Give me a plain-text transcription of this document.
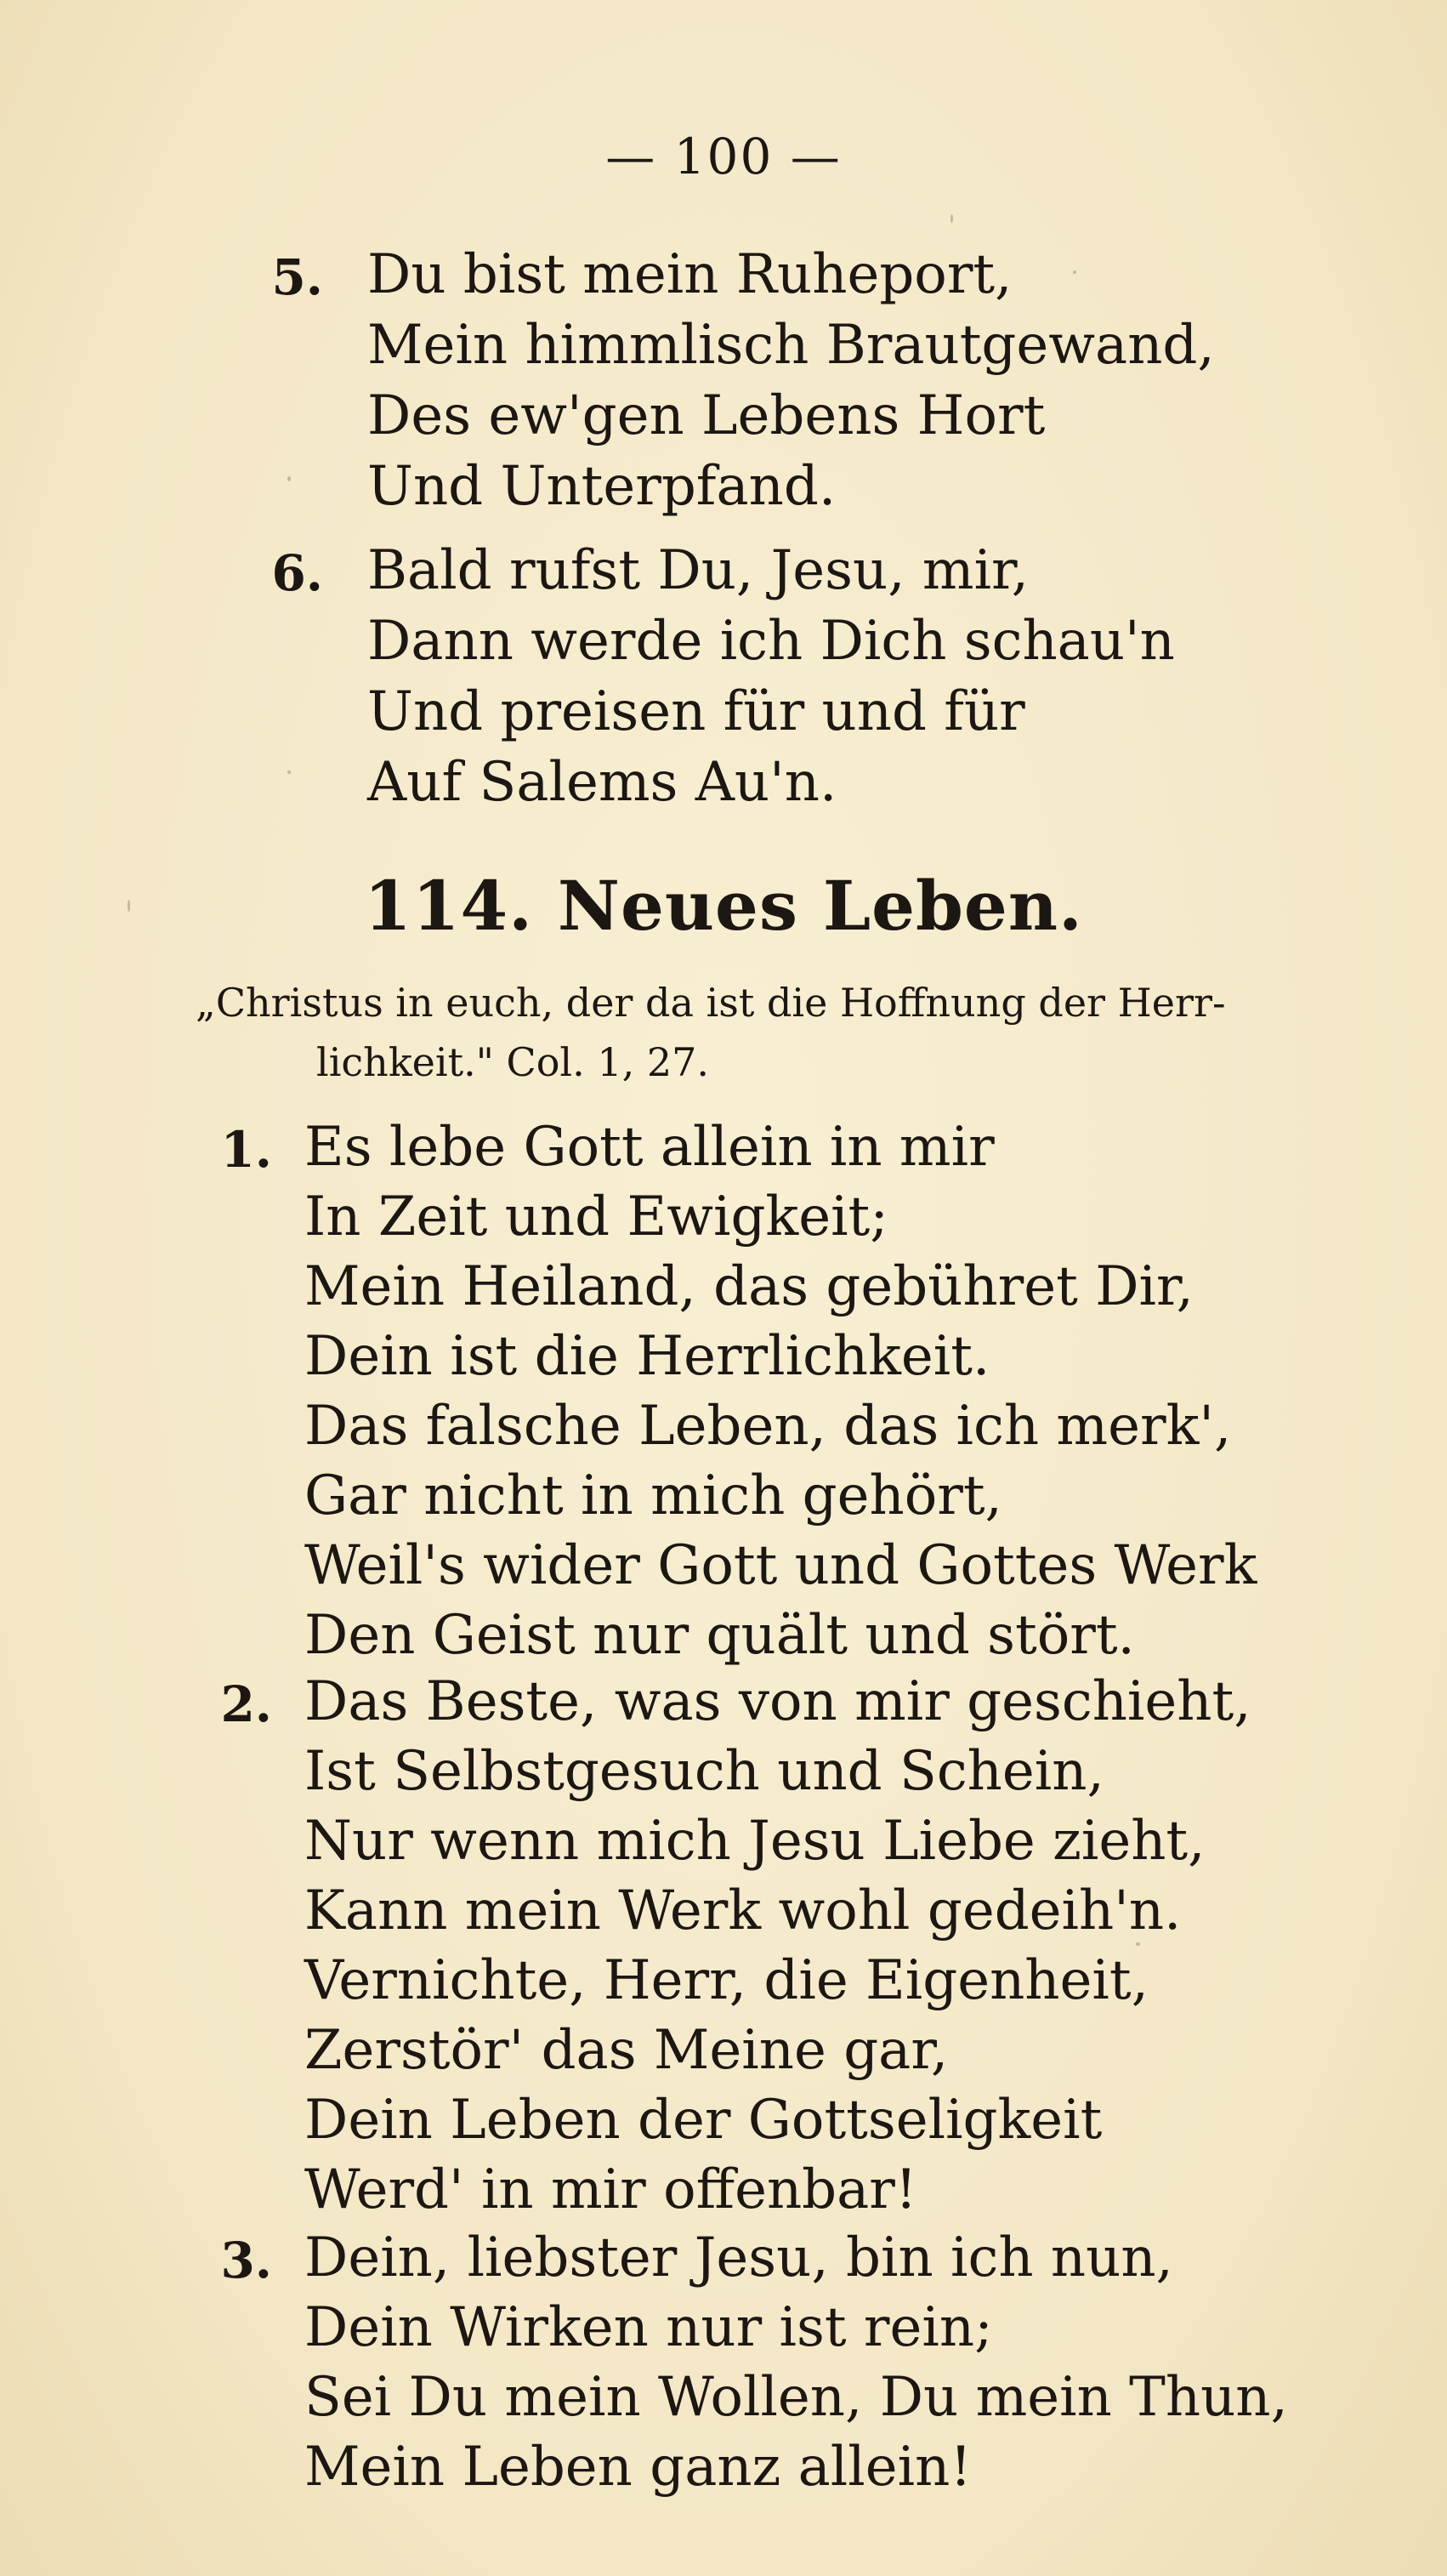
— 100 —
5. Du bist mein Ruheport,
Mein himmlisch Brautgewand,
Des ew'gen Lebens Hort
Und Unterpfand.
6. Bald rufst Du, Jesu, mir,
Dann werde ich Dich schau'n
Und preisen für und für
Auf Salems Au'n.
114. Neues Leben.
„Christus in euch, der da ist die Hoffnung der Herr-
lichkeit." Col. 1, 27.
1. Es lebe Gott allein in mir
In Zeit und Ewigkeit;
Mein Heiland, das gebühret Dir,
Dein ist die Herrlichkeit.
Das falsche Leben, das ich merk',
Gar nicht in mich gehört,
Weil's wider Gott und Gottes Werk
Den Geist nur quält und stört.
2. Das Beste, was von mir geschieht,
Ist Selbstgesuch und Schein,
Nur wenn mich Jesu Liebe zieht,
Kann mein Werk wohl gedeih'n.
Vernichte, Herr, die Eigenheit,
Zerstör' das Meine gar,
Dein Leben der Gottseligkeit
Werd' in mir offenbar!
3. Dein, liebster Jesu, bin ich nun,
Dein Wirken nur ist rein;
Sei Du mein Wollen, Du mein Thun,
Mein Leben ganz allein!
